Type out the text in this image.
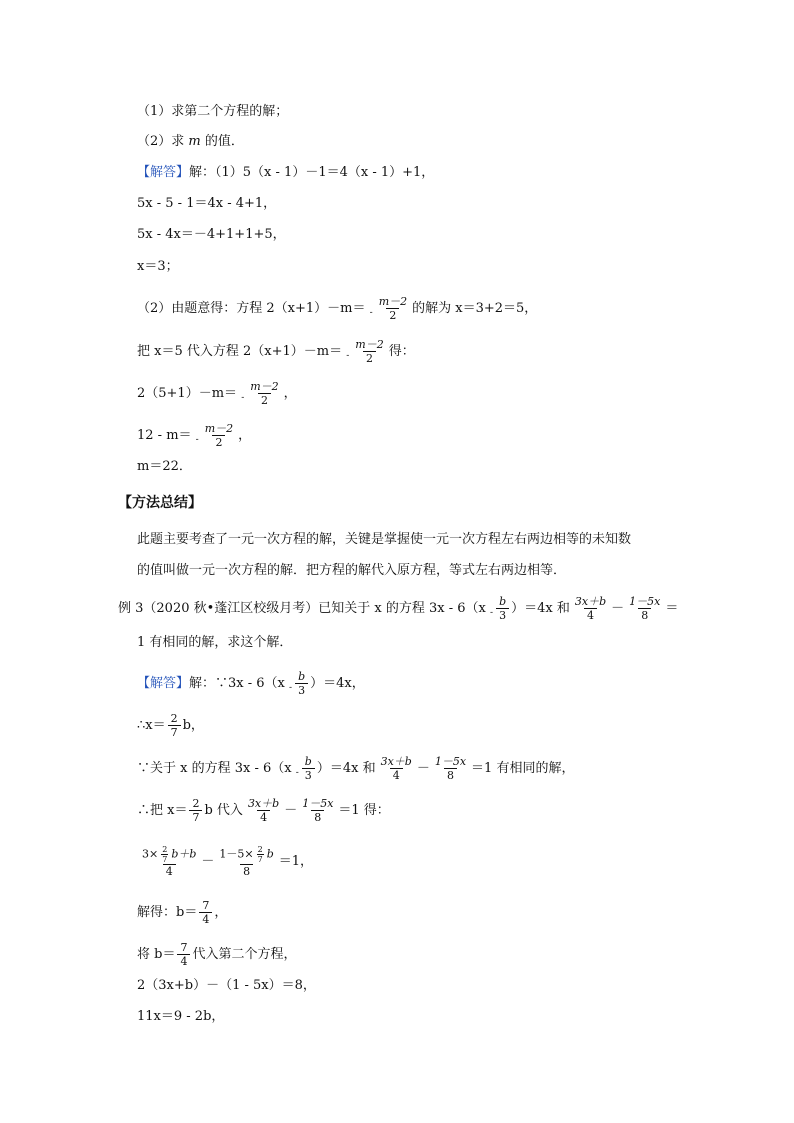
（1）求第二个方程的解；
（2）求 m 的值．
【解答】解：（1）5（x - 1）－1＝4（x - 1）+1，
5x - 5 - 1＝4x - 4+1，
5x - 4x＝－4+1+1+5，
x＝3；
（2）由题意得：方程 $2(x+1)-m= _- \frac{m-2}{2}$ 的解为 x＝3+2＝5，
把 x＝5 代入方程 $2(x+1)-m= _- \frac{m-2}{2}$ 得：
$2(5+1)-m= _- \frac{m-2}{2}$ ，
$12 - m= _- \frac{m-2}{2}$ ，
m＝22．
【方法总结】
此题主要考查了一元一次方程的解，关键是掌握使一元一次方程左右两边相等的未知数
的值叫做一元一次方程的解．把方程的解代入原方程，等式左右两边相等．
例 3（2020 秋•蓬江区校级月考）已知关于 x 的方程 3x - 6（x $_- \frac{b}{3} )=4x$ 和 $\frac{3x+b}{4} - \frac{1-5x}{8}$ ＝
1 有相同的解，求这个解．
【解答】解：∵3x - 6（x $_- \frac{b}{3} )=4x$，
∴x＝ $\frac{2}{7}$ b，
∵关于 x 的方程 3x - 6（x $_- \frac{b}{3} )=4x$ 和 $\frac{3x+b}{4} - \frac{1-5x}{8} =1$ 有相同的解，
∴把 $x= \frac{2}{7}$ b 代入 $\frac{3x+b}{4} - \frac{1-5x}{8} =1$ 得：
$\frac{3\times \frac{2}{7} b+b}{4} - \frac{1-5\times \frac{2}{7} b}{8} =1$，
解得：$b= \frac{7}{4}$ ，
将 $b= \frac{7}{4}$ 代入第二个方程，
2（3x+b）－（1 - 5x）＝8，
11x＝9 - 2b，
